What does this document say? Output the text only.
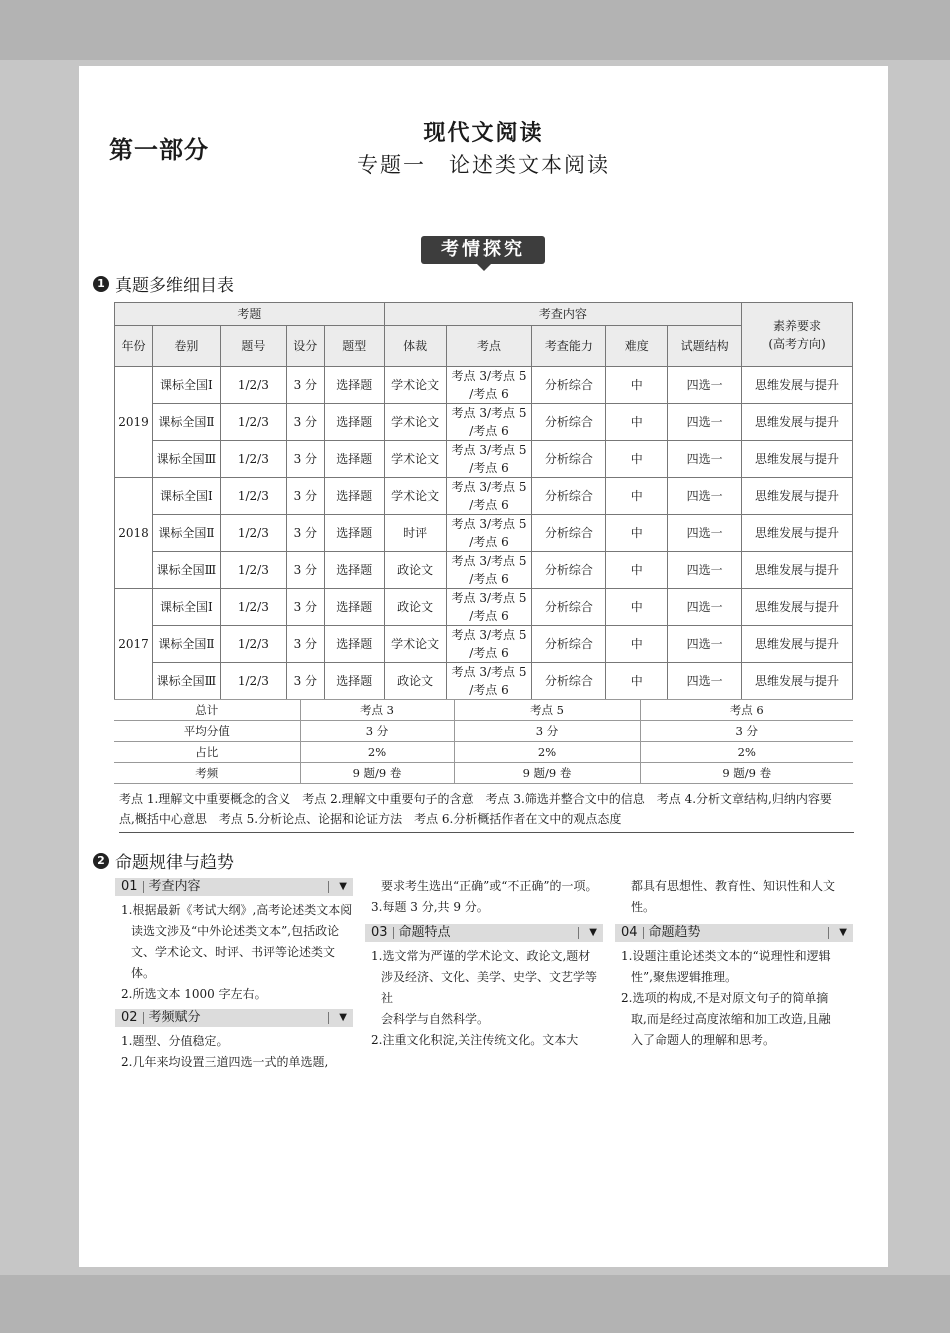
第一部分
现代文阅读
专题一　论述类文本阅读
考情探究
1 真题多维细目表
考题					考查内容					素养要求
(高考方向)

年份	卷别	题号	设分	题型	体裁	考点	考查能力	难度	试题结构	
2019	课标全国Ⅰ	1/2/3	3 分	选择题	学术论文	考点 3/考点 5
/考点 6	分析综合	中	四选一	思维发展与提升
	课标全国Ⅱ	1/2/3	3 分	选择题	学术论文	考点 3/考点 5
/考点 6	分析综合	中	四选一	思维发展与提升
	课标全国Ⅲ	1/2/3	3 分	选择题	学术论文	考点 3/考点 5
/考点 6	分析综合	中	四选一	思维发展与提升
2018	课标全国Ⅰ	1/2/3	3 分	选择题	学术论文	考点 3/考点 5
/考点 6	分析综合	中	四选一	思维发展与提升
	课标全国Ⅱ	1/2/3	3 分	选择题	时评	考点 3/考点 5
/考点 6	分析综合	中	四选一	思维发展与提升
	课标全国Ⅲ	1/2/3	3 分	选择题	政论文	考点 3/考点 5
/考点 6	分析综合	中	四选一	思维发展与提升
2017	课标全国Ⅰ	1/2/3	3 分	选择题	政论文	考点 3/考点 5
/考点 6	分析综合	中	四选一	思维发展与提升
	课标全国Ⅱ	1/2/3	3 分	选择题	学术论文	考点 3/考点 5
/考点 6	分析综合	中	四选一	思维发展与提升
	课标全国Ⅲ	1/2/3	3 分	选择题	政论文	考点 3/考点 5
/考点 6	分析综合	中	四选一	思维发展与提升
总计	考点 3	考点 5	考点 6
平均分值	3 分	3 分	3 分
占比	2%	2%	2%
考频	9 题/9 卷	9 题/9 卷	9 题/9 卷
考点 1.理解文中重要概念的含义　考点 2.理解文中重要句子的含意　考点 3.筛选并整合文中的信息　考点 4.分析文章结构,归纳内容要
点,概括中心意思　考点 5.分析论点、论据和论证方法　考点 6.分析概括作者在文中的观点态度
2 命题规律与趋势
01 考查内容	▼
1.根据最新《考试大纲》,高考论述类文本阅
读选文涉及“中外论述类文本”,包括政论
文、学术论文、时评、书评等论述类文体。
2.所选文本 1000 字左右。
02 考频赋分	▼
1.题型、分值稳定。
2.几年来均设置三道四选一式的单选题,
要求考生选出“正确”或“不正确”的一项。
3.每题 3 分,共 9 分。
03 命题特点	▼
1.选文常为严谨的学术论文、政论文,题材
涉及经济、文化、美学、史学、文艺学等社
会科学与自然科学。
2.注重文化积淀,关注传统文化。文本大
都具有思想性、教育性、知识性和人文性。
04 命题趋势	▼
1.设题注重论述类文本的“说理性和逻辑
性”,聚焦逻辑推理。
2.选项的构成,不是对原文句子的简单摘
取,而是经过高度浓缩和加工改造,且融
入了命题人的理解和思考。
